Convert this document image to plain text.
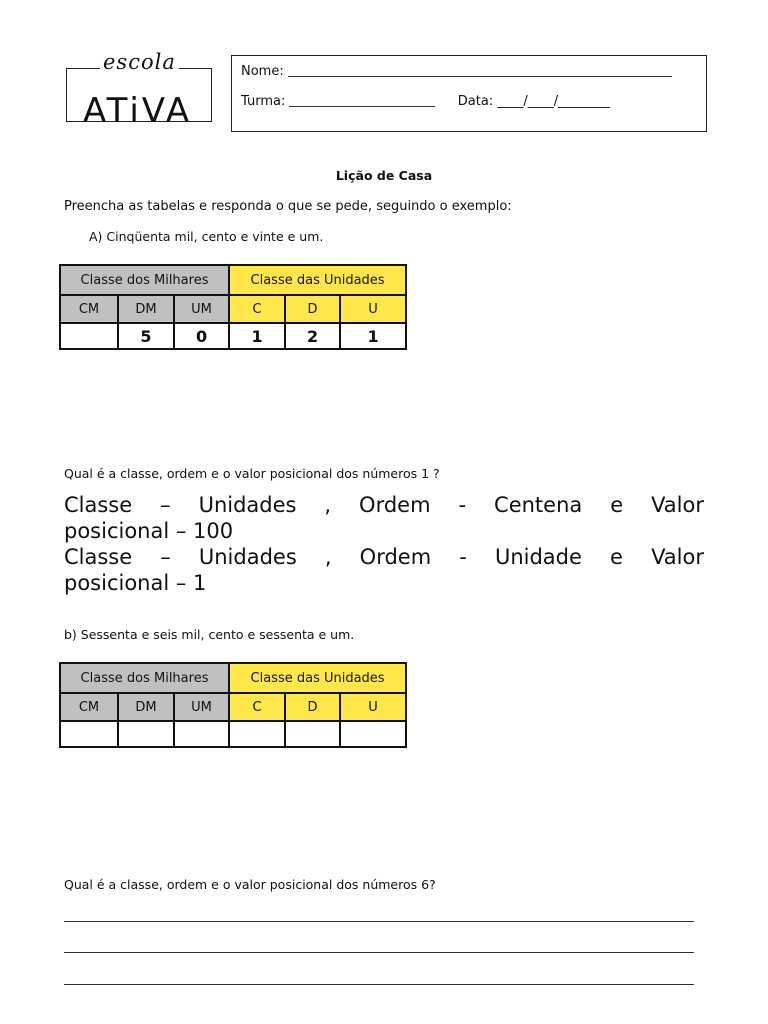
ATiVA
escola	Nome:
Turma:	Data: ____/____/________
Lição de Casa
Preencha as tabelas e responda o que se pede, seguindo o exemplo:
A) Cinqüenta mil, cento e vinte e um.
Classe dos Milhares			Classe das Unidades		
CM	DM	UM	C	D	U
	5	0	1	2	1
Qual é a classe, ordem e o valor posicional dos números 1 ?

Classe – Unidades , Ordem - Centena e Valor

posicional – 100

Classe – Unidades , Ordem - Unidade e Valor

posicional – 1

b) Sessenta e seis mil, cento e sessenta e um.
Classe dos Milhares			Classe das Unidades		
CM	DM	UM	C	D	U

Qual é a classe, ordem e o valor posicional dos números 6?
